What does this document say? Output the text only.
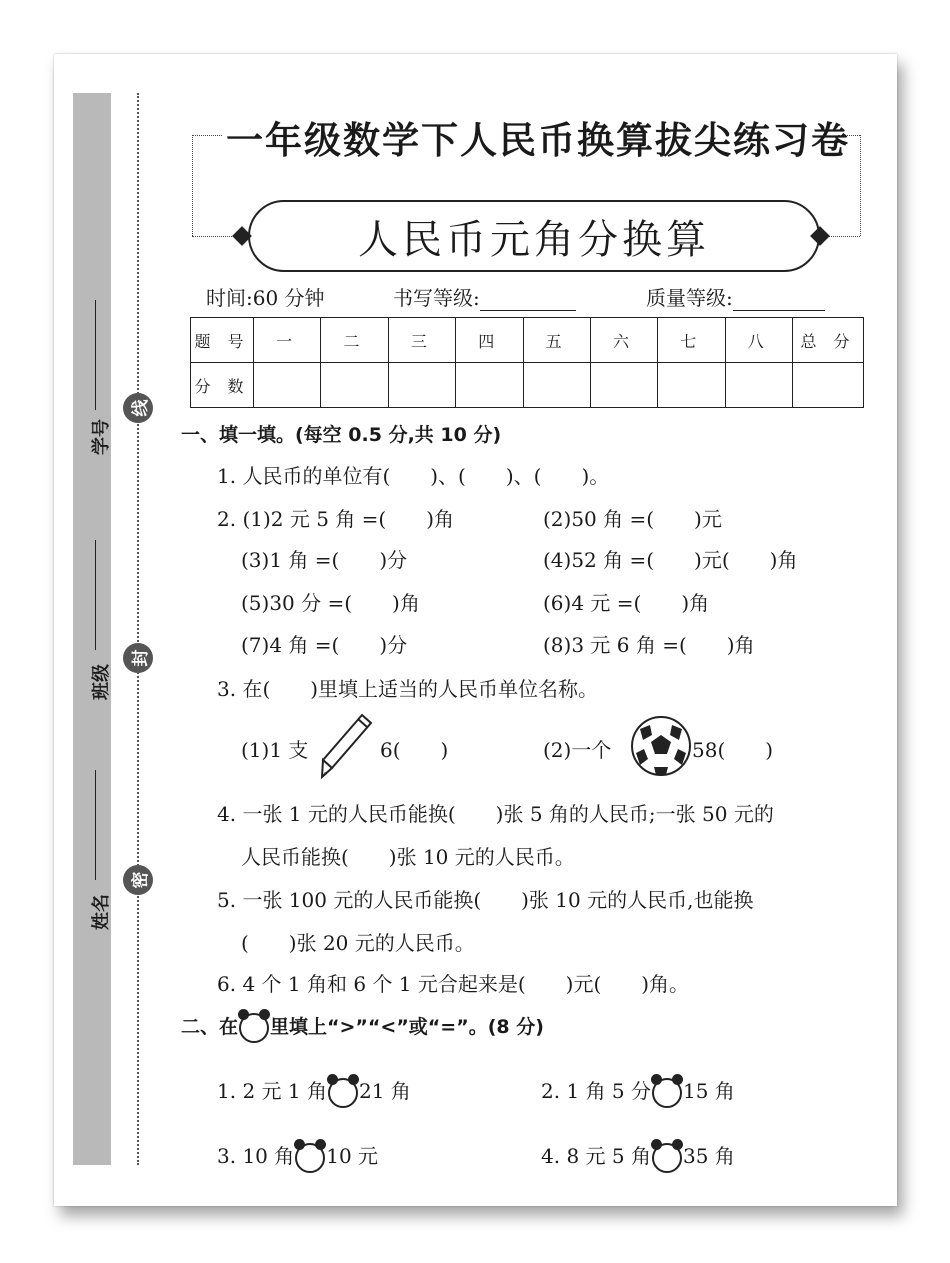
学号
班级
姓名
线
封
密
一年级数学下人民币换算拔尖练习卷
人民币元角分换算
时间:60 分钟	书写等级:	质量等级:
题 号	一	二	三	四	五	六	七	八	总 分
分 数									
一、填一填。(每空 0.5 分,共 10 分)
1. 人民币的单位有(　　)、(　　)、(　　)。
2. (1)2 元 5 角 =(　　)角	(2)50 角 =(　　)元
(3)1 角 =(　　)分	(4)52 角 =(　　)元(　　)角
(5)30 分 =(　　)角	(6)4 元 =(　　)角
(7)4 角 =(　　)分	(8)3 元 6 角 =(　　)角
3. 在(　　)里填上适当的人民币单位名称。
(1)1 支	6(　　)	(2)一个	58(　　)
4. 一张 1 元的人民币能换(　　)张 5 角的人民币;一张 50 元的
人民币能换(　　)张 10 元的人民币。
5. 一张 100 元的人民币能换(　　)张 10 元的人民币,也能换
(　　)张 20 元的人民币。
6. 4 个 1 角和 6 个 1 元合起来是(　　)元(　　)角。
二、在 里填上“>”“<”或“=”。(8 分)
1. 2 元 1 角 21 角	2. 1 角 5 分 15 角
3. 10 角 10 元	4. 8 元 5 角 35 角
